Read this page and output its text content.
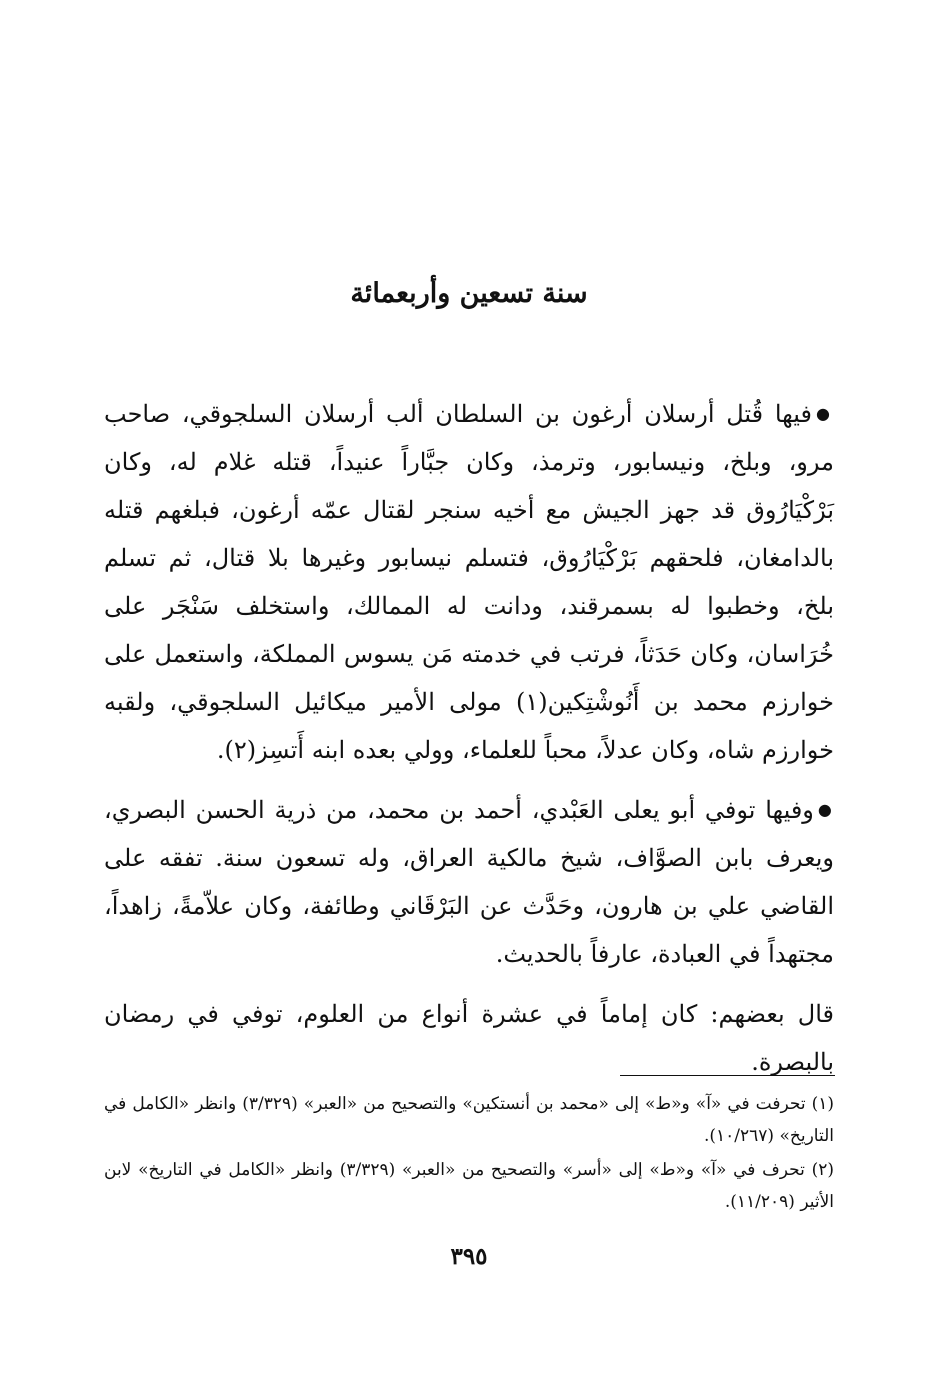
سنة تسعين وأربعمائة

●فيها قُتل أرسلان أرغون بن السلطان ألب أرسلان السلجوقي، صاحب مرو، وبلخ، ونيسابور، وترمذ، وكان جبَّاراً عنيداً، قتله غلام له، وكان بَرْكْيَارُوق قد جهز الجيش مع أخيه سنجر لقتال عمّه أرغون، فبلغهم قتله بالدامغان، فلحقهم بَرْكْيَارُوق، فتسلم نيسابور وغيرها بلا قتال، ثم تسلم بلخ، وخطبوا له بسمرقند، ودانت له الممالك، واستخلف سَنْجَر على خُرَاسان، وكان حَدَثاً، فرتب في خدمته مَن يسوس المملكة، واستعمل على خوارزم محمد بن أَنُوشْتِكين(١) مولى الأمير ميكائيل السلجوقي، ولقبه خوارزم شاه، وكان عدلاً، محباً للعلماء، وولي بعده ابنه أَتسِز(٢).

●وفيها توفي أبو يعلى العَبْدي، أحمد بن محمد، من ذرية الحسن البصري، ويعرف بابن الصوَّاف، شيخ مالكية العراق، وله تسعون سنة. تفقه على القاضي علي بن هارون، وحَدَّث عن البَرْقَاني وطائفة، وكان علاّمةً، زاهداً، مجتهداً في العبادة، عارفاً بالحديث.

قال بعضهم: كان إماماً في عشرة أنواع من العلوم، توفي في رمضان بالبصرة.

(١) تحرفت في «آ» و«ط» إلى «محمد بن أنستكين» والتصحيح من «العبر» (٣/٣٢٩) وانظر «الكامل في التاريخ» (١٠/٢٦٧).

(٢) تحرف في «آ» و«ط» إلى «أسر» والتصحيح من «العبر» (٣/٣٢٩) وانظر «الكامل في التاريخ» لابن الأثير (١١/٢٠٩).

٣٩٥
